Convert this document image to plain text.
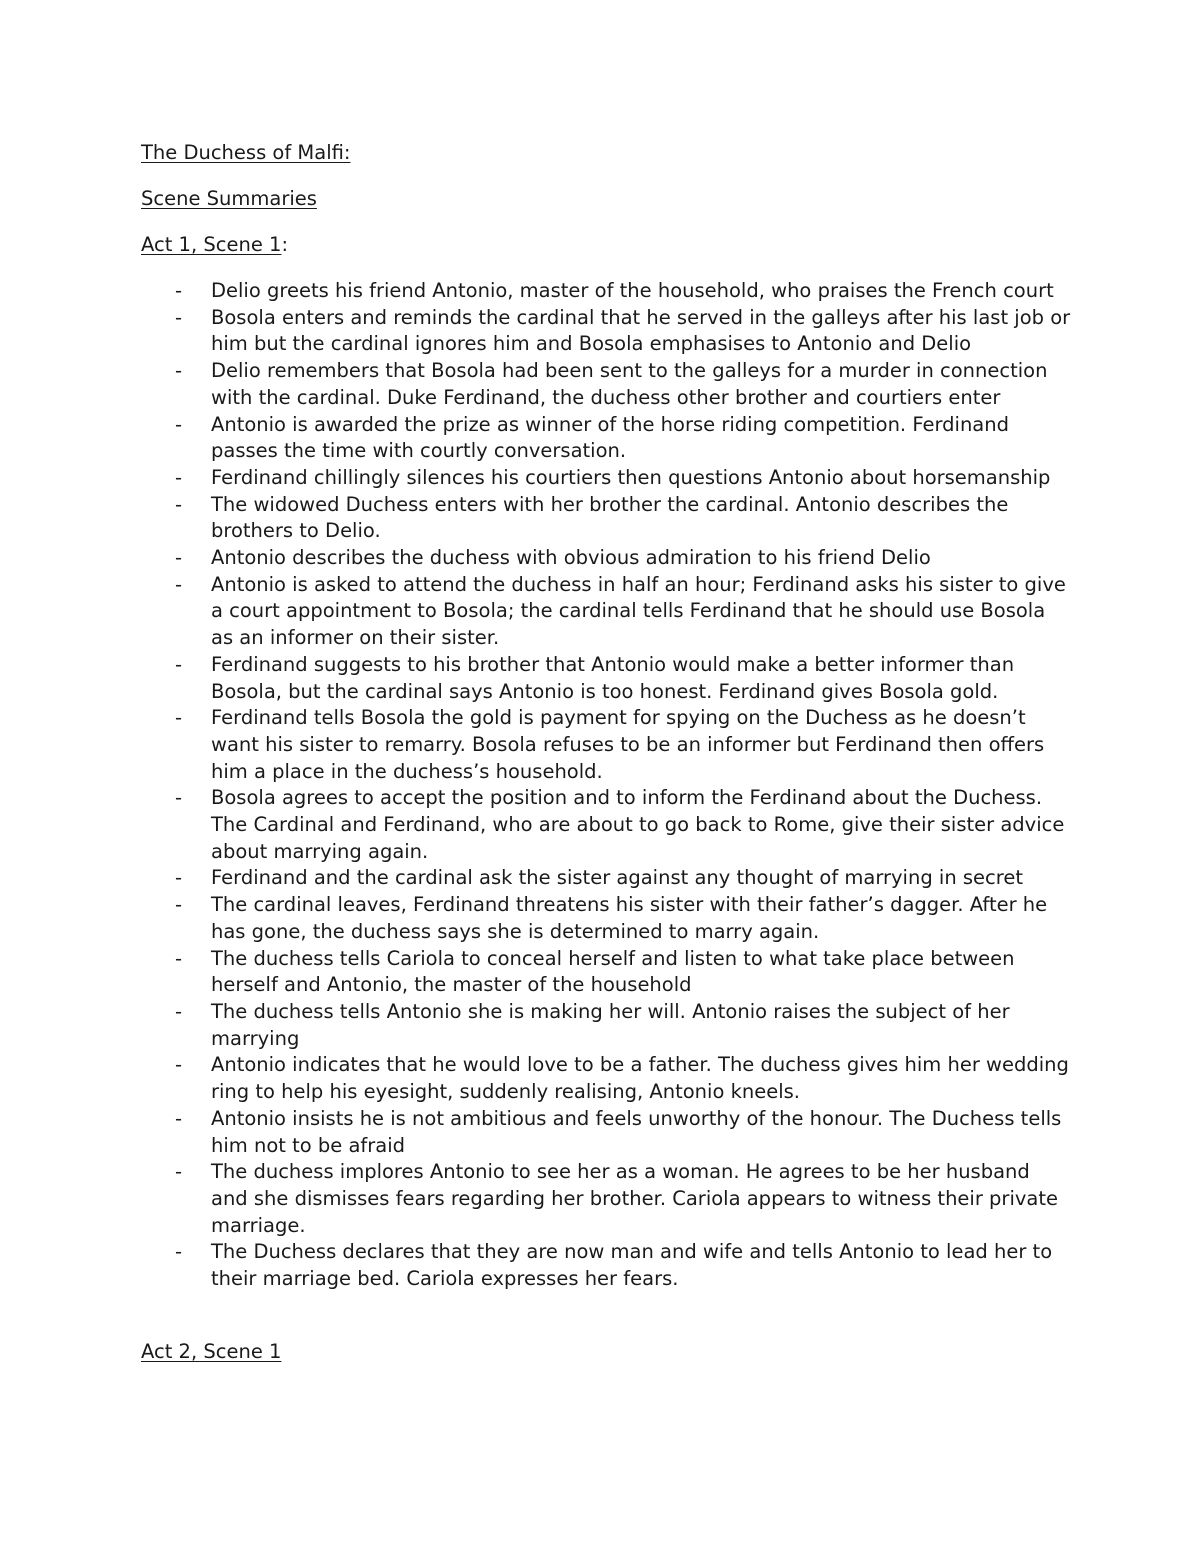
The Duchess of Malfi:
Scene Summaries
Act 1, Scene 1:
- Delio greets his friend Antonio, master of the household, who praises the French court
- Bosola enters and reminds the cardinal that he served in the galleys after his last job or him but the cardinal ignores him and Bosola emphasises to Antonio and Delio
- Delio remembers that Bosola had been sent to the galleys for a murder in connection with the cardinal. Duke Ferdinand, the duchess other brother and courtiers enter
- Antonio is awarded the prize as winner of the horse riding competition. Ferdinand passes the time with courtly conversation.
- Ferdinand chillingly silences his courtiers then questions Antonio about horsemanship
- The widowed Duchess enters with her brother the cardinal. Antonio describes the brothers to Delio.
- Antonio describes the duchess with obvious admiration to his friend Delio
- Antonio is asked to attend the duchess in half an hour; Ferdinand asks his sister to give a court appointment to Bosola; the cardinal tells Ferdinand that he should use Bosola as an informer on their sister.
- Ferdinand suggests to his brother that Antonio would make a better informer than Bosola, but the cardinal says Antonio is too honest. Ferdinand gives Bosola gold.
- Ferdinand tells Bosola the gold is payment for spying on the Duchess as he doesn’t want his sister to remarry. Bosola refuses to be an informer but Ferdinand then offers him a place in the duchess’s household.
- Bosola agrees to accept the position and to inform the Ferdinand about the Duchess. The Cardinal and Ferdinand, who are about to go back to Rome, give their sister advice about marrying again.
- Ferdinand and the cardinal ask the sister against any thought of marrying in secret
- The cardinal leaves, Ferdinand threatens his sister with their father’s dagger. After he has gone, the duchess says she is determined to marry again.
- The duchess tells Cariola to conceal herself and listen to what take place between herself and Antonio, the master of the household
- The duchess tells Antonio she is making her will. Antonio raises the subject of her marrying
- Antonio indicates that he would love to be a father. The duchess gives him her wedding ring to help his eyesight, suddenly realising, Antonio kneels.
- Antonio insists he is not ambitious and feels unworthy of the honour. The Duchess tells him not to be afraid
- The duchess implores Antonio to see her as a woman. He agrees to be her husband and she dismisses fears regarding her brother. Cariola appears to witness their private marriage.
- The Duchess declares that they are now man and wife and tells Antonio to lead her to their marriage bed. Cariola expresses her fears.
Act 2, Scene 1
